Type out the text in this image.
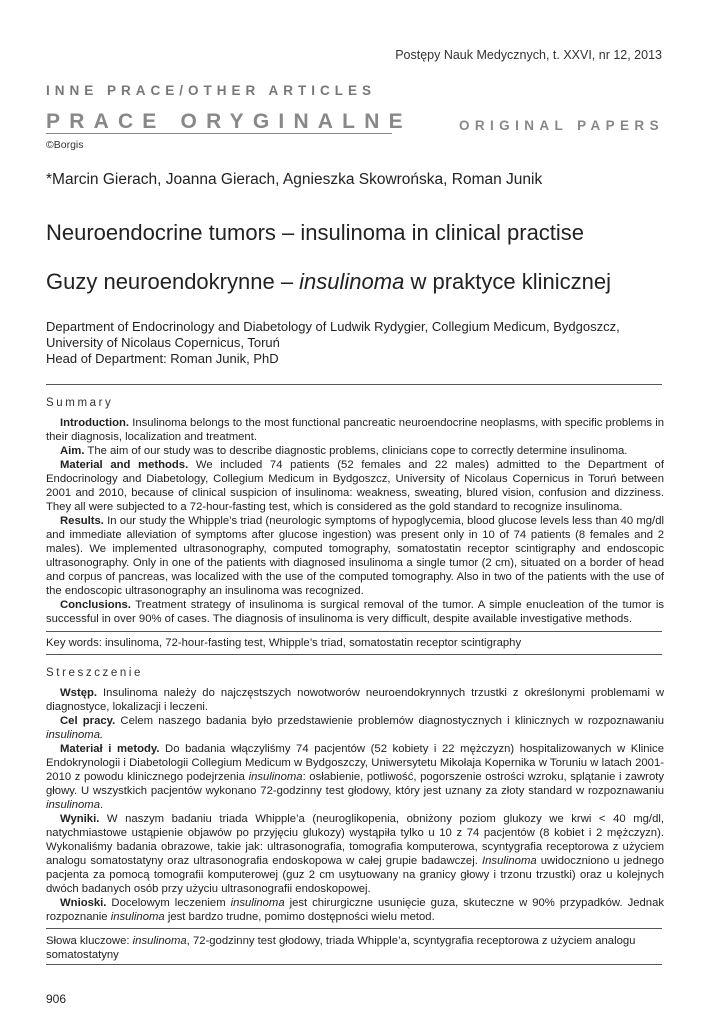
Postępy Nauk Medycznych, t. XXVI, nr 12, 2013
INNE PRACE/OTHER ARTICLES
PRACE ORYGINALNE	ORIGINAL PAPERS
©Borgis
*Marcin Gierach, Joanna Gierach, Agnieszka Skowrońska, Roman Junik
Neuroendocrine tumors – insulinoma in clinical practise
Guzy neuroendokrynne – insulinoma w praktyce klinicznej
Department of Endocrinology and Diabetology of Ludwik Rydygier, Collegium Medicum, Bydgoszcz,
University of Nicolaus Copernicus, Toruń
Head of Department: Roman Junik, PhD
Summary

Introduction. Insulinoma belongs to the most functional pancreatic neuroendocrine neoplasms, with specific problems in their diagnosis, localization and treatment.

Aim. The aim of our study was to describe diagnostic problems, clinicians cope to correctly determine insulinoma.

Material and methods. We included 74 patients (52 females and 22 males) admitted to the Department of Endocrinology and Diabetology, Collegium Medicum in Bydgoszcz, University of Nicolaus Copernicus in Toruń between 2001 and 2010, because of clinical suspicion of insulinoma: weakness, sweating, blured vision, confusion and dizziness. They all were subjected to a 72-hour-fasting test, which is considered as the gold standard to recognize insulinoma.

Results. In our study the Whipple’s triad (neurologic symptoms of hypoglycemia, blood glucose levels less than 40 mg/dl and immediate alleviation of symptoms after glucose ingestion) was present only in 10 of 74 patients (8 females and 2 males). We implemented ultrasonography, computed tomography, somatostatin receptor scintigraphy and endoscopic ultrasonography. Only in one of the patients with diagnosed insulinoma a single tumor (2 cm), situated on a border of head and corpus of pancreas, was localized with the use of the computed tomography. Also in two of the patients with the use of the endoscopic ultrasonography an insulinoma was recognized.

Conclusions. Treatment strategy of insulinoma is surgical removal of the tumor. A simple enucleation of the tumor is successful in over 90% of cases. The diagnosis of insulinoma is very difficult, despite available investigative methods.

Key words: insulinoma, 72-hour-fasting test, Whipple’s triad, somatostatin receptor scintigraphy
Streszczenie

Wstęp. Insulinoma należy do najczęstszych nowotworów neuroendokrynnych trzustki z określonymi problemami w diagnostyce, lokalizacji i leczeni.

Cel pracy. Celem naszego badania było przedstawienie problemów diagnostycznych i klinicznych w rozpoznawaniu insulinoma.

Materiał i metody. Do badania włączyliśmy 74 pacjentów (52 kobiety i 22 mężczyzn) hospitalizowanych w Klinice Endokrynologii i Diabetologii Collegium Medicum w Bydgoszczy, Uniwersytetu Mikołaja Kopernika w Toruniu w latach 2001-2010 z powodu klinicznego podejrzenia insulinoma: osłabienie, potliwość, pogorszenie ostrości wzroku, splątanie i zawroty głowy. U wszystkich pacjentów wykonano 72-godzinny test głodowy, który jest uznany za złoty standard w rozpoznawaniu insulinoma.

Wyniki. W naszym badaniu triada Whipple’a (neuroglikopenia, obniżony poziom glukozy we krwi < 40 mg/dl, natychmiastowe ustąpienie objawów po przyjęciu glukozy) wystąpiła tylko u 10 z 74 pacjentów (8 kobiet i 2 mężczyzn). Wykonaliśmy badania obrazowe, takie jak: ultrasonografia, tomografia komputerowa, scyntygrafia receptorowa z użyciem analogu somatostatyny oraz ultrasonografia endoskopowa w całej grupie badawczej. Insulinoma uwidoczniono u jednego pacjenta za pomocą tomografii komputerowej (guz 2 cm usytuowany na granicy głowy i trzonu trzustki) oraz u kolejnych dwóch badanych osób przy użyciu ultrasonografii endoskopowej.

Wnioski. Docelowym leczeniem insulinoma jest chirurgiczne usunięcie guza, skuteczne w 90% przypadków. Jednak rozpoznanie insulinoma jest bardzo trudne, pomimo dostępności wielu metod.

Słowa kluczowe: insulinoma, 72-godzinny test głodowy, triada Whipple’a, scyntygrafia receptorowa z użyciem analogu somatostatyny
906
